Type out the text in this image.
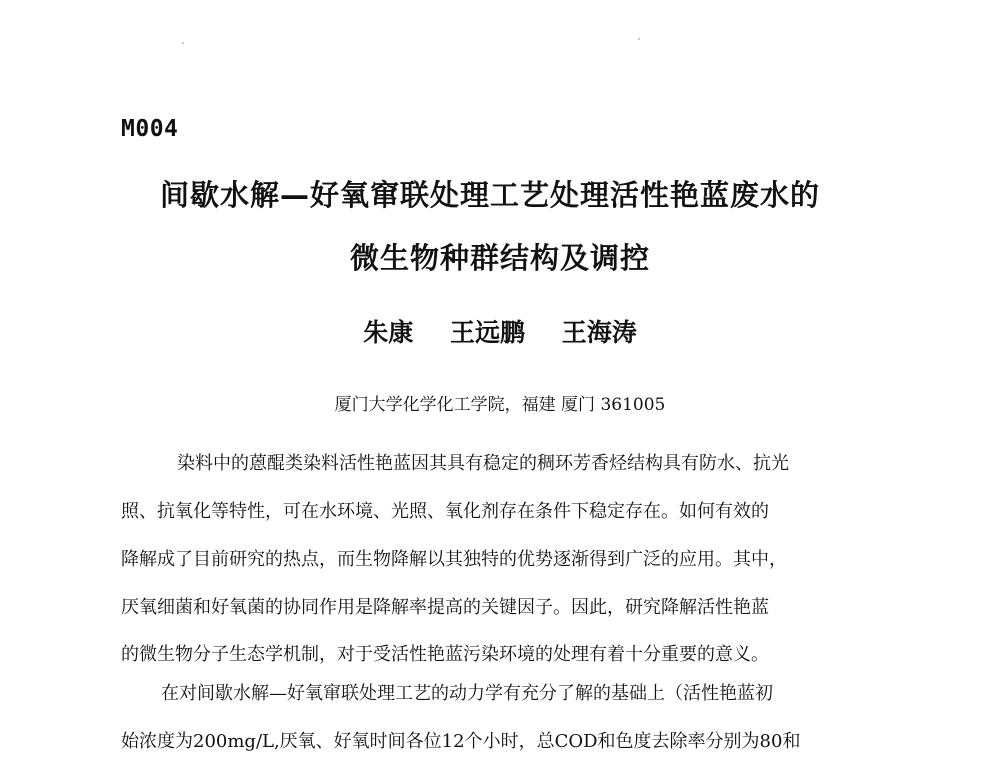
M004
间歇水解—好氧窜联处理工艺处理活性艳蓝废水的
微生物种群结构及调控
朱康 王远鹏 王海涛
厦门大学化学化工学院，福建 厦门 361005
染料中的蒽醌类染料活性艳蓝因其具有稳定的稠环芳香烃结构具有防水、抗光
照、抗氧化等特性，可在水环境、光照、氧化剂存在条件下稳定存在。如何有效的
降解成了目前研究的热点，而生物降解以其独特的优势逐渐得到广泛的应用。其中，
厌氧细菌和好氧菌的协同作用是降解率提高的关键因子。因此，研究降解活性艳蓝
的微生物分子生态学机制，对于受活性艳蓝污染环境的处理有着十分重要的意义。
在对间歇水解—好氧窜联处理工艺的动力学有充分了解的基础上（活性艳蓝初
始浓度为200mg/L,厌氧、好氧时间各位12个小时，总COD和色度去除率分别为80和
